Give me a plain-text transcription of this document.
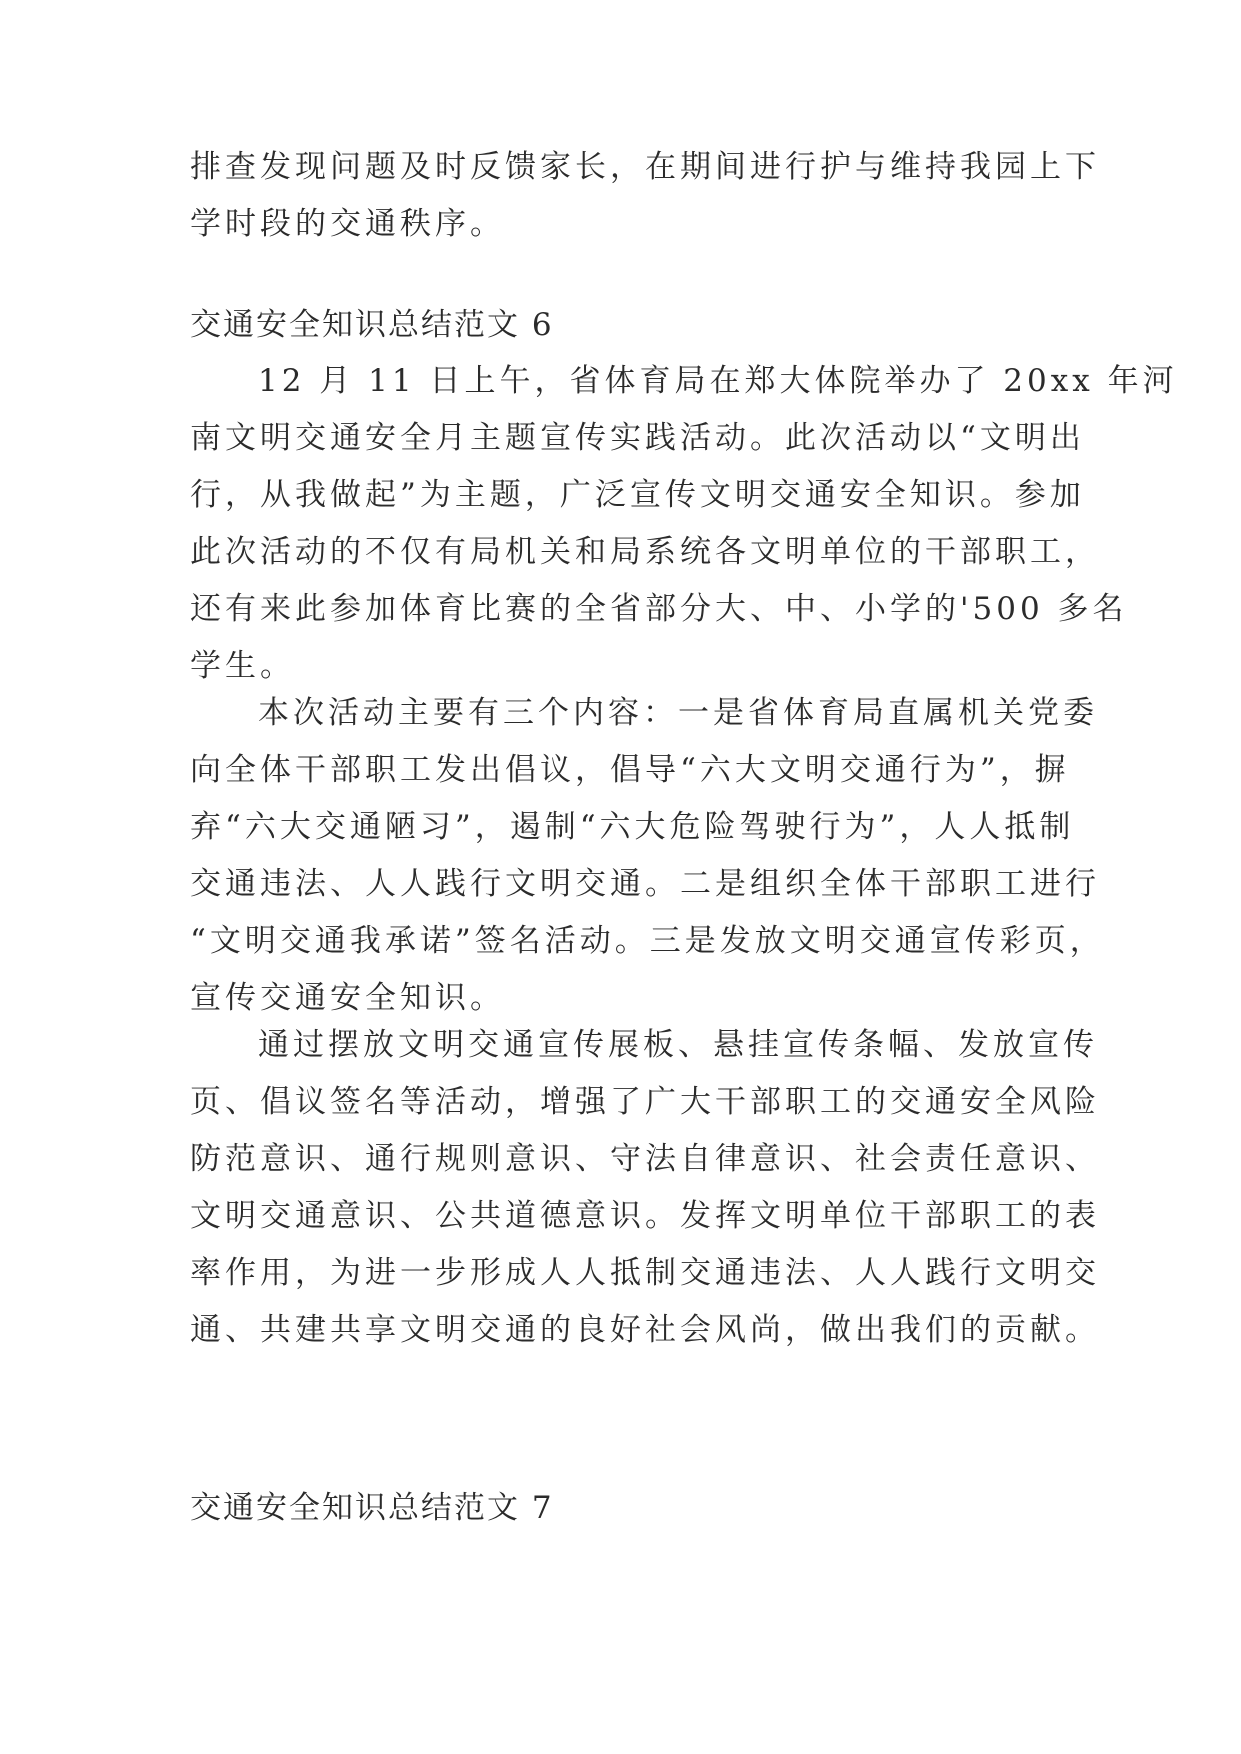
排查发现问题及时反馈家长，在期间进行护与维持我园上下
学时段的交通秩序。
交通安全知识总结范文 6
12 月 11 日上午，省体育局在郑大体院举办了 20xx 年河
南文明交通安全月主题宣传实践活动。此次活动以“文明出
行，从我做起”为主题，广泛宣传文明交通安全知识。参加
此次活动的不仅有局机关和局系统各文明单位的干部职工，
还有来此参加体育比赛的全省部分大、中、小学的'500 多名
学生。
本次活动主要有三个内容：一是省体育局直属机关党委
向全体干部职工发出倡议，倡导“六大文明交通行为”，摒
弃“六大交通陋习”，遏制“六大危险驾驶行为”，人人抵制
交通违法、人人践行文明交通。二是组织全体干部职工进行
“文明交通我承诺”签名活动。三是发放文明交通宣传彩页，
宣传交通安全知识。
通过摆放文明交通宣传展板、悬挂宣传条幅、发放宣传
页、倡议签名等活动，增强了广大干部职工的交通安全风险
防范意识、通行规则意识、守法自律意识、社会责任意识、
文明交通意识、公共道德意识。发挥文明单位干部职工的表
率作用，为进一步形成人人抵制交通违法、人人践行文明交
通、共建共享文明交通的良好社会风尚，做出我们的贡献。
交通安全知识总结范文 7
